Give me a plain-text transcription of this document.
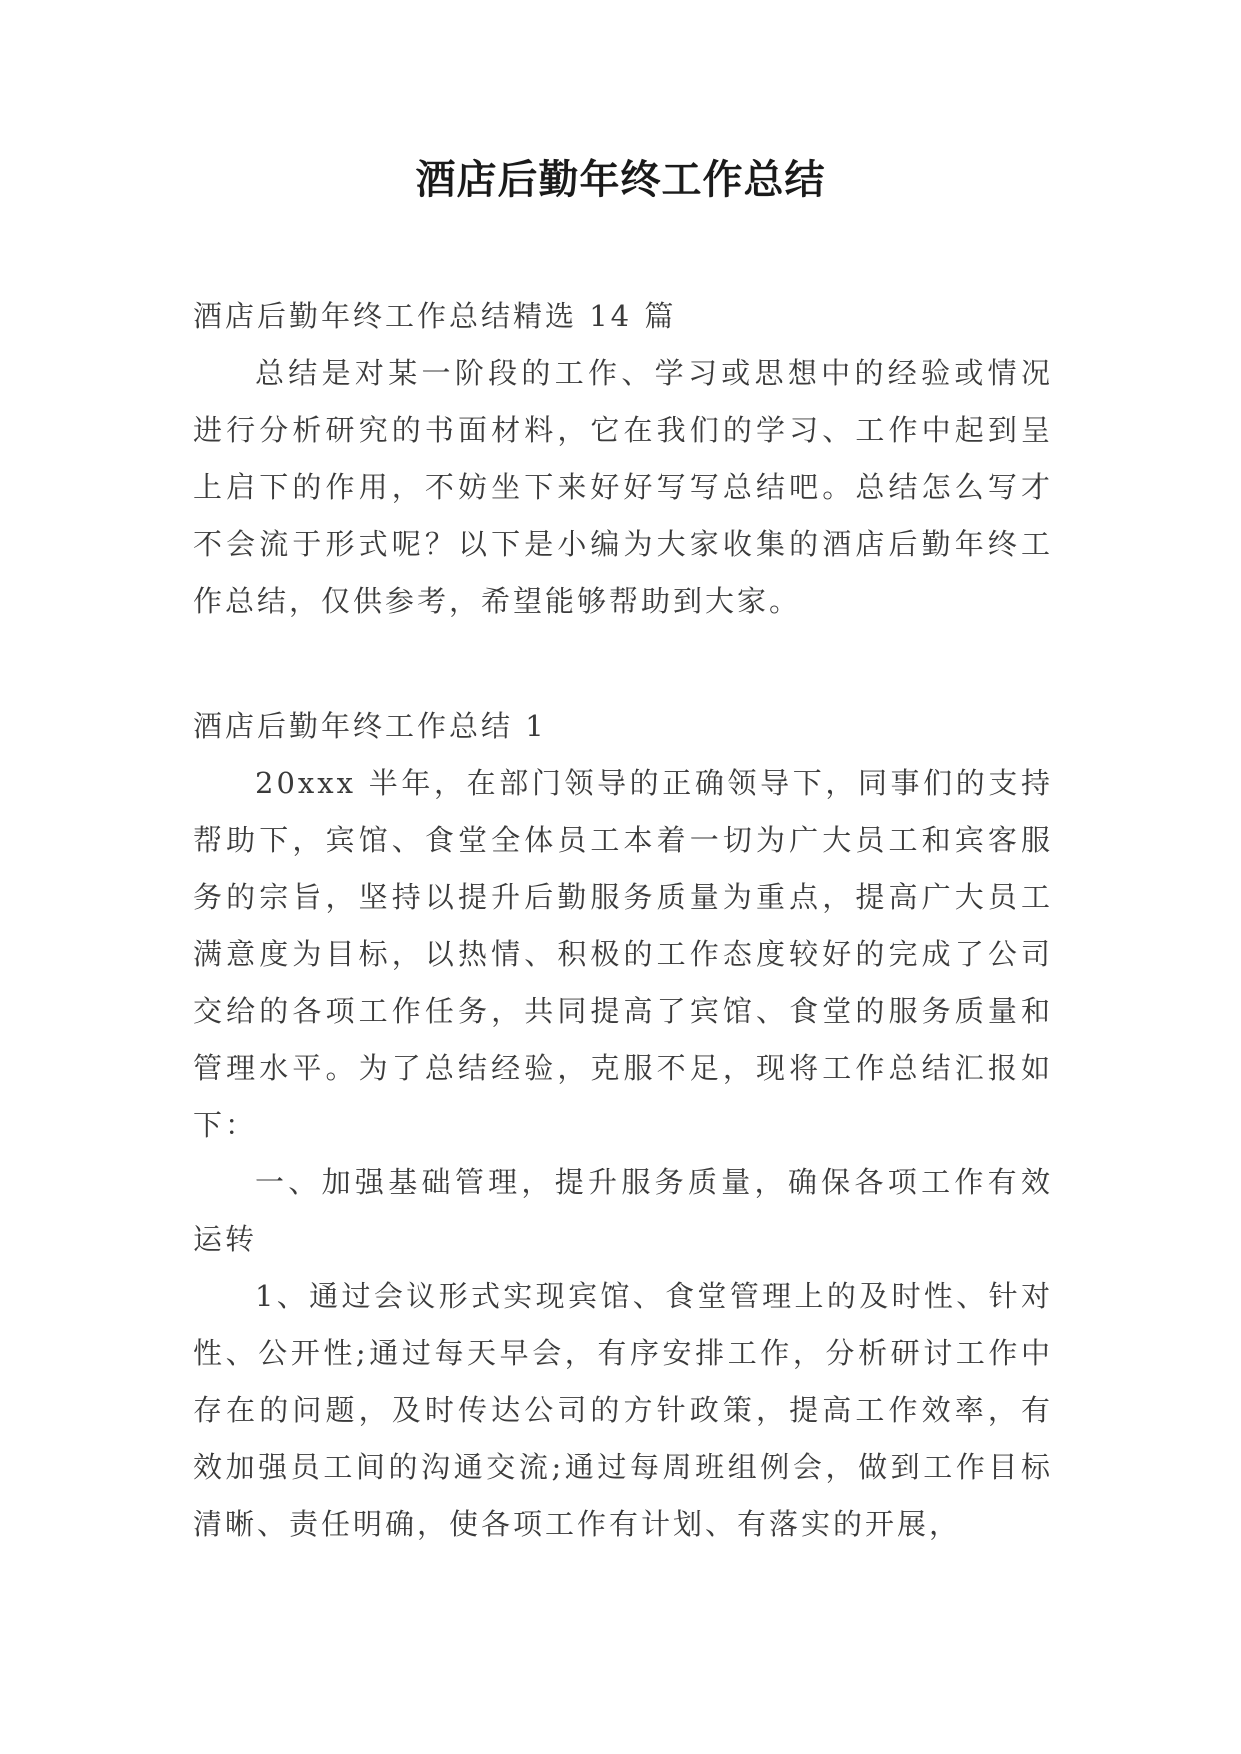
酒店后勤年终工作总结
酒店后勤年终工作总结精选 14 篇
总结是对某一阶段的工作、学习或思想中的经验或情况进行分析研究的书面材料，它在我们的学习、工作中起到呈上启下的作用，不妨坐下来好好写写总结吧。总结怎么写才不会流于形式呢？以下是小编为大家收集的酒店后勤年终工作总结，仅供参考，希望能够帮助到大家。
酒店后勤年终工作总结 1
20xxx 半年，在部门领导的正确领导下，同事们的支持帮助下，宾馆、食堂全体员工本着一切为广大员工和宾客服务的宗旨，坚持以提升后勤服务质量为重点，提高广大员工满意度为目标，以热情、积极的工作态度较好的完成了公司交给的各项工作任务，共同提高了宾馆、食堂的服务质量和管理水平。为了总结经验，克服不足，现将工作总结汇报如下：
一、加强基础管理，提升服务质量，确保各项工作有效运转
1、通过会议形式实现宾馆、食堂管理上的及时性、针对性、公开性;通过每天早会，有序安排工作，分析研讨工作中存在的问题，及时传达公司的方针政策，提高工作效率，有效加强员工间的沟通交流;通过每周班组例会，做到工作目标清晰、责任明确，使各项工作有计划、有落实的开展，
